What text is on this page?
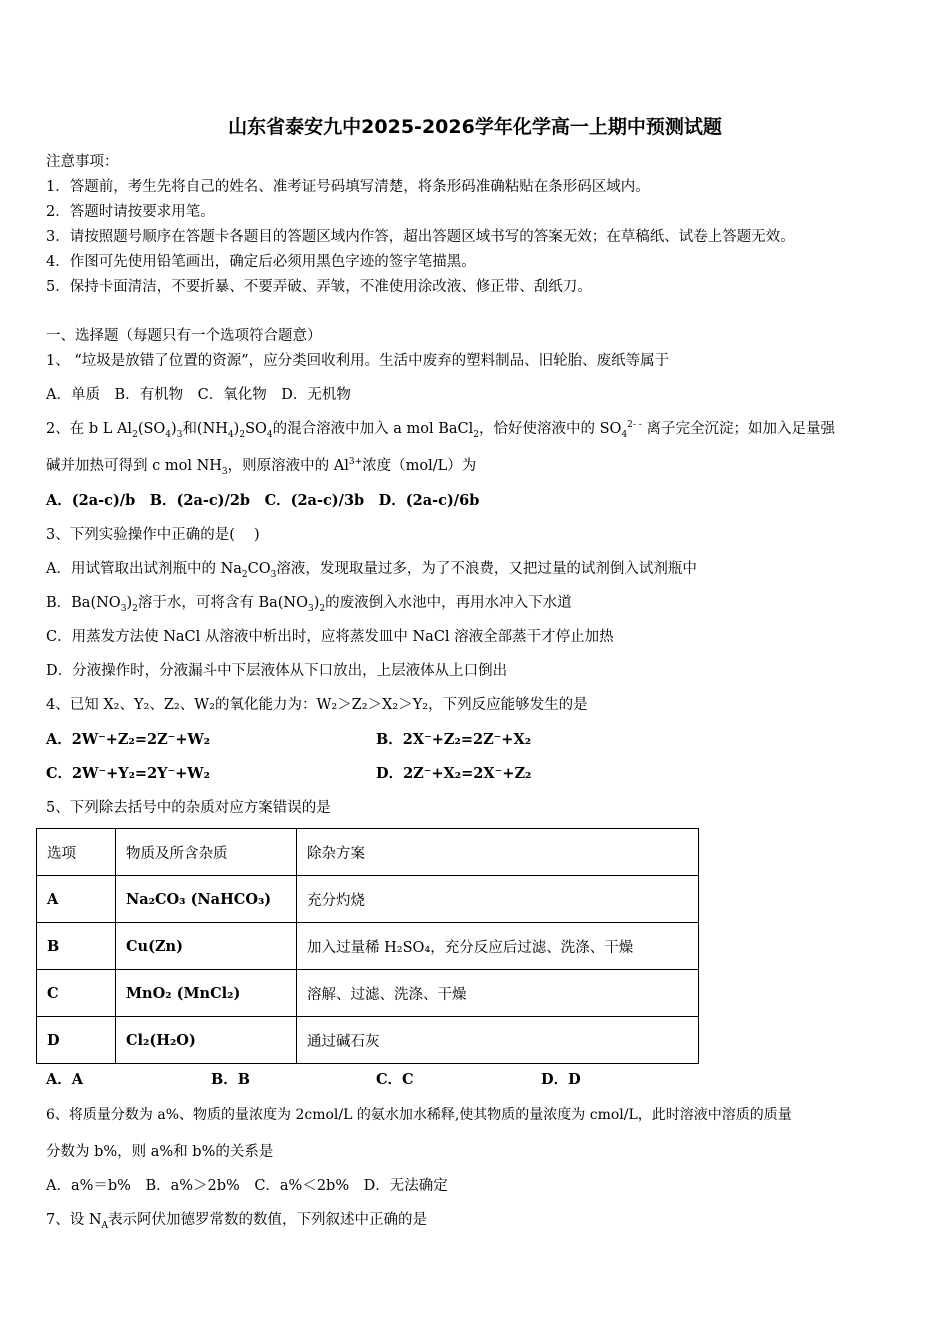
山东省泰安九中2025-2026学年化学高一上期中预测试题
注意事项：
1．答题前，考生先将自己的姓名、准考证号码填写清楚，将条形码准确粘贴在条形码区域内。
2．答题时请按要求用笔。
3．请按照题号顺序在答题卡各题目的答题区域内作答，超出答题区域书写的答案无效；在草稿纸、试卷上答题无效。
4．作图可先使用铅笔画出，确定后必须用黑色字迹的签字笔描黑。
5．保持卡面清洁，不要折暴、不要弄破、弄皱，不准使用涂改液、修正带、刮纸刀。
一、选择题（每题只有一个选项符合题意）
1、 “垃圾是放错了位置的资源”，应分类回收利用。生活中废弃的塑料制品、旧轮胎、废纸等属于
A．单质　B．有机物　C．氧化物　D．无机物
2、在 b L $Al_2(SO_4)_3$和$(NH_4)_2SO_4$的混合溶液中加入 a mol BaCl$_2$，恰好使溶液中的 $SO_4^{2- -}$ 离子完全沉淀；如加入足量强
碱并加热可得到 c mol $NH_3$，则原溶液中的 $Al^{3+}$浓度（mol/L）为
A．(2a-c)/b　B．(2a-c)/2b　C．(2a-c)/3b　D．(2a-c)/6b
3、下列实验操作中正确的是(　 )
A．用试管取出试剂瓶中的 $Na_2CO_3$溶液，发现取量过多，为了不浪费，又把过量的试剂倒入试剂瓶中
B．$Ba(NO_3)_2$溶于水，可将含有 $Ba(NO_3)_2$的废液倒入水池中，再用水冲入下水道
C．用蒸发方法使 NaCl 从溶液中析出时，应将蒸发皿中 NaCl 溶液全部蒸干才停止加热
D．分液操作时，分液漏斗中下层液体从下口放出，上层液体从上口倒出
4、已知 X₂、Y₂、Z₂、W₂的氧化能力为：W₂＞Z₂＞X₂＞Y₂，下列反应能够发生的是
A．2W⁻+Z₂=2Z⁻+W₂	B．2X⁻+Z₂=2Z⁻+X₂
C．2W⁻+Y₂=2Y⁻+W₂	D．2Z⁻+X₂=2X⁻+Z₂
5、下列除去括号中的杂质对应方案错误的是
选项	物质及所含杂质	除杂方案
A	Na₂CO₃ (NaHCO₃)	充分灼烧
B	Cu(Zn)	加入过量稀 H₂SO₄，充分反应后过滤、洗涤、干燥
C	MnO₂ (MnCl₂)	溶解、过滤、洗涤、干燥
D	Cl₂(H₂O)	通过碱石灰
A．A	B．B	C．C	D．D
6、将质量分数为 a%、物质的量浓度为 2cmol/L 的氨水加水稀释,使其物质的量浓度为 cmol/L，此时溶液中溶质的质量
分数为 b%，则 a%和 b%的关系是
A．a%＝b%　B．a%＞2b%　C．a%＜2b%　D．无法确定
7、设 $N_A$表示阿伏加德罗常数的数值，下列叙述中正确的是
